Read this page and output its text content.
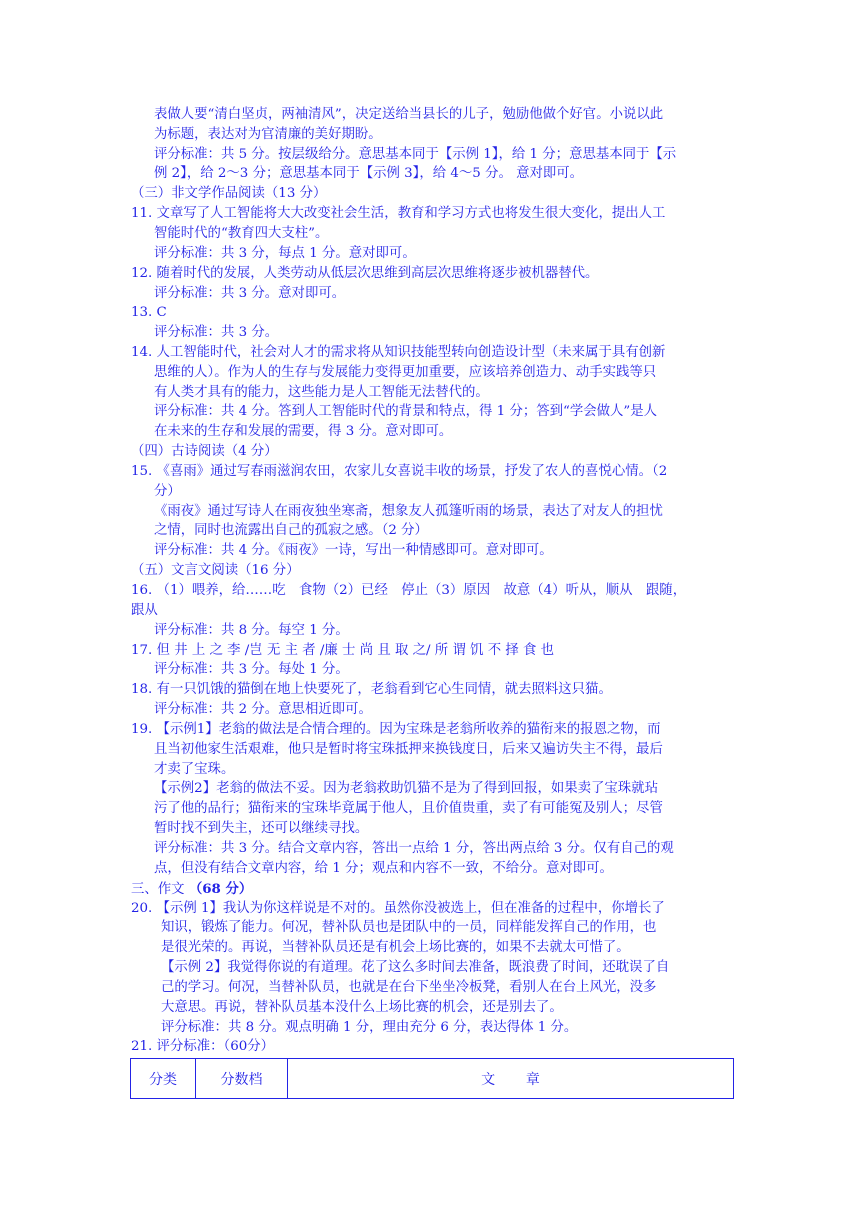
表做人要“清白坚贞，两袖清风”，决定送给当县长的儿子，勉励他做个好官。小说以此
为标题，表达对为官清廉的美好期盼。
评分标准：共 5 分。按层级给分。意思基本同于【示例 1】，给 1 分；意思基本同于【示
例 2】，给 2～3 分；意思基本同于【示例 3】，给 4～5 分。 意对即可。
（三）非文学作品阅读（13 分）
11. 文章写了人工智能将大大改变社会生活，教育和学习方式也将发生很大变化，提出人工
智能时代的“教育四大支柱”。
评分标准：共 3 分，每点 1 分。意对即可。
12. 随着时代的发展，人类劳动从低层次思维到高层次思维将逐步被机器替代。
评分标准：共 3 分。意对即可。
13. C
评分标准：共 3 分。
14. 人工智能时代，社会对人才的需求将从知识技能型转向创造设计型（未来属于具有创新
思维的人）。作为人的生存与发展能力变得更加重要，应该培养创造力、动手实践等只
有人类才具有的能力，这些能力是人工智能无法替代的。
评分标准：共 4 分。答到人工智能时代的背景和特点，得 1 分；答到“学会做人”是人
在未来的生存和发展的需要，得 3 分。意对即可。
（四）古诗阅读（4 分）
15. 《喜雨》通过写春雨滋润农田，农家儿女喜说丰收的场景，抒发了农人的喜悦心情。（2
分）
《雨夜》通过写诗人在雨夜独坐寒斋，想象友人孤篷听雨的场景，表达了对友人的担忧
之情，同时也流露出自己的孤寂之感。（2 分）
评分标准：共 4 分。《雨夜》一诗，写出一种情感即可。意对即可。
（五）文言文阅读（16 分）
16. （1）喂养，给……吃　食物（2）已经　停止（3）原因　故意（4）听从，顺从　跟随，
跟从
评分标准：共 8 分。每空 1 分。
17. 但 井 上 之 李 /岂 无 主 者 /廉 士 尚 且 取 之/ 所 谓 饥 不 择 食 也
评分标准：共 3 分。每处 1 分。
18. 有一只饥饿的猫倒在地上快要死了，老翁看到它心生同情，就去照料这只猫。
评分标准：共 2 分。意思相近即可。
19. 【示例1】老翁的做法是合情合理的。因为宝珠是老翁所收养的猫衔来的报恩之物，而
且当初他家生活艰难，他只是暂时将宝珠抵押来换钱度日，后来又遍访失主不得，最后
才卖了宝珠。
【示例2】老翁的做法不妥。因为老翁救助饥猫不是为了得到回报，如果卖了宝珠就玷
污了他的品行；猫衔来的宝珠毕竟属于他人，且价值贵重，卖了有可能冤及别人；尽管
暂时找不到失主，还可以继续寻找。
评分标准：共 3 分。结合文章内容，答出一点给 1 分，答出两点给 3 分。仅有自己的观
点，但没有结合文章内容，给 1 分；观点和内容不一致，不给分。意对即可。
三、作文 （68 分）
20. 【示例 1】我认为你这样说是不对的。虽然你没被选上，但在准备的过程中，你增长了
知识，锻炼了能力。何况，替补队员也是团队中的一员，同样能发挥自己的作用，也
是很光荣的。再说，当替补队员还是有机会上场比赛的，如果不去就太可惜了。
【示例 2】我觉得你说的有道理。花了这么多时间去准备，既浪费了时间，还耽误了自
己的学习。何况，当替补队员，也就是在台下坐坐冷板凳，看别人在台上风光，没多
大意思。再说，替补队员基本没什么上场比赛的机会，还是别去了。
评分标准：共 8 分。观点明确 1 分，理由充分 6 分，表达得体 1 分。
21. 评分标准：（60分）
分类	分数档	文章
